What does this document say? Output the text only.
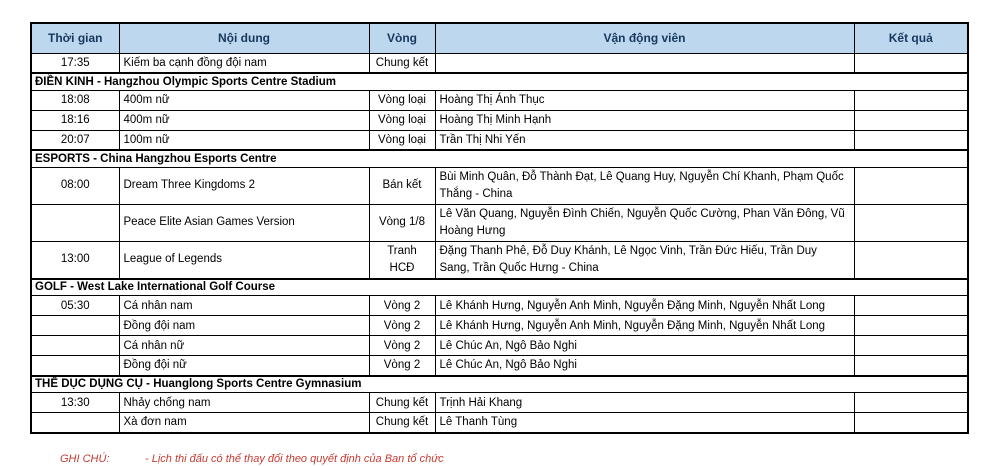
Thời gian	Nội dung	Vòng	Vận động viên	Kết quả
17:35	Kiếm ba cạnh đồng đội nam	Chung kết		
ĐIỀN KINH - Hangzhou Olympic Sports Centre Stadium				
18:08	400m nữ	Vòng loại	Hoàng Thị Ánh Thục	
18:16	400m nữ	Vòng loại	Hoàng Thị Minh Hạnh	
20:07	100m nữ	Vòng loại	Trần Thị Nhi Yến	
ESPORTS - China Hangzhou Esports Centre				
08:00	Dream Three Kingdoms 2	Bán kết	Bùi Minh Quân, Đỗ Thành Đạt, Lê Quang Huy, Nguyễn Chí Khanh, Phạm Quốc Thắng - China	
	Peace Elite Asian Games Version	Vòng 1/8	Lê Văn Quang, Nguyễn Đình Chiến, Nguyễn Quốc Cường, Phan Văn Đông, Vũ Hoàng Hưng	
13:00	League of Legends	Tranh HCĐ	Đặng Thanh Phê, Đỗ Duy Khánh, Lê Ngọc Vinh, Trần Đức Hiếu, Trần Duy Sang, Trần Quốc Hưng - China	
GOLF - West Lake International Golf Course				
05:30	Cá nhân nam	Vòng 2	Lê Khánh Hưng, Nguyễn Anh Minh, Nguyễn Đặng Minh, Nguyễn Nhất Long	
	Đồng đội nam	Vòng 2	Lê Khánh Hưng, Nguyễn Anh Minh, Nguyễn Đặng Minh, Nguyễn Nhất Long	
	Cá nhân nữ	Vòng 2	Lê Chúc An, Ngô Bảo Nghi	
	Đồng đội nữ	Vòng 2	Lê Chúc An, Ngô Bảo Nghi	
THỂ DỤC DỤNG CỤ - Huanglong Sports Centre Gymnasium				
13:30	Nhảy chống nam	Chung kết	Trịnh Hải Khang	
	Xà đơn nam	Chung kết	Lê Thanh Tùng	
GHI CHÚ:	- Lịch thi đấu có thể thay đổi theo quyết định của Ban tổ chức
